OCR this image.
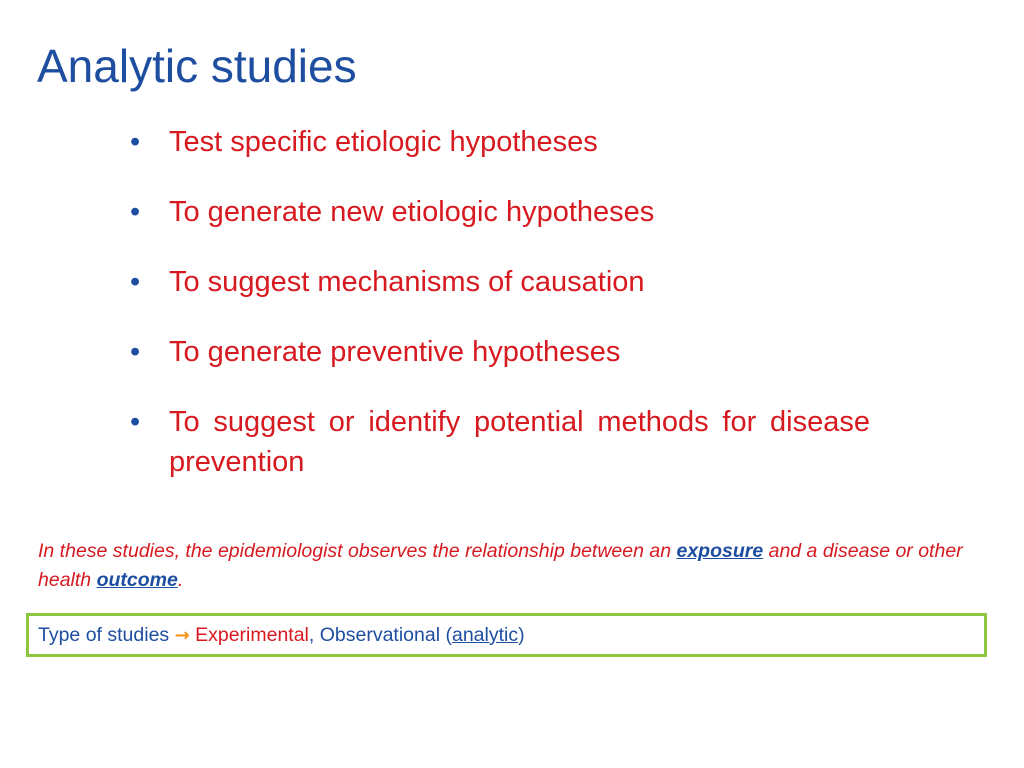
Analytic studies
• Test specific etiologic hypotheses
• To generate new etiologic hypotheses
• To suggest mechanisms of causation
• To generate preventive hypotheses
• To suggest or identify potential methods for disease prevention

In these studies, the epidemiologist observes the relationship between an exposure and a disease or other health outcome.

Type of studies → Experimental, Observational (analytic)
